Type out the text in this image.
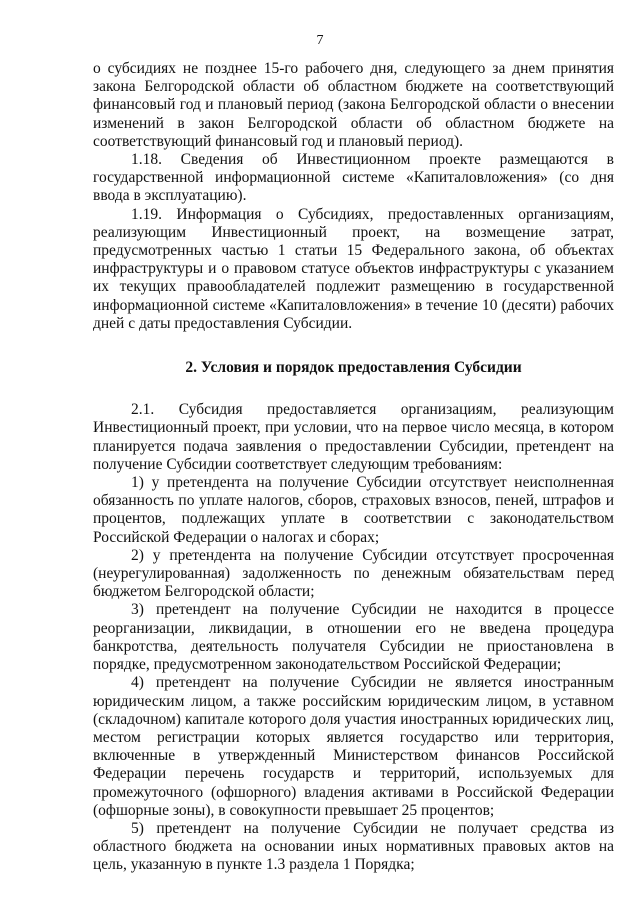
7

о субсидиях не позднее 15-го рабочего дня, следующего за днем принятия закона Белгородской области об областном бюджете на соответствующий финансовый год и плановый период (закона Белгородской области о внесении изменений в закон Белгородской области об областном бюджете на соответствующий финансовый год и плановый период).

1.18. Сведения об Инвестиционном проекте размещаются в государственной информационной системе «Капиталовложения» (со дня ввода в эксплуатацию).

1.19. Информация о Субсидиях, предоставленных организациям, реализующим Инвестиционный проект, на возмещение затрат, предусмотренных частью 1 статьи 15 Федерального закона, об объектах инфраструктуры и о правовом статусе объектов инфраструктуры с указанием их текущих правообладателей подлежит размещению в государственной информационной системе «Капиталовложения» в течение 10 (десяти) рабочих дней с даты предоставления Субсидии.

2. Условия и порядок предоставления Субсидии

2.1. Субсидия предоставляется организациям, реализующим Инвестиционный проект, при условии, что на первое число месяца, в котором планируется подача заявления о предоставлении Субсидии, претендент на получение Субсидии соответствует следующим требованиям:

1) у претендента на получение Субсидии отсутствует неисполненная обязанность по уплате налогов, сборов, страховых взносов, пеней, штрафов и процентов, подлежащих уплате в соответствии с законодательством Российской Федерации о налогах и сборах;

2) у претендента на получение Субсидии отсутствует просроченная (неурегулированная) задолженность по денежным обязательствам перед бюджетом Белгородской области;

3) претендент на получение Субсидии не находится в процессе реорганизации, ликвидации, в отношении его не введена процедура банкротства, деятельность получателя Субсидии не приостановлена в порядке, предусмотренном законодательством Российской Федерации;

4) претендент на получение Субсидии не является иностранным юридическим лицом, а также российским юридическим лицом, в уставном (складочном) капитале которого доля участия иностранных юридических лиц, местом регистрации которых является государство или территория, включенные в утвержденный Министерством финансов Российской Федерации перечень государств и территорий, используемых для промежуточного (офшорного) владения активами в Российской Федерации (офшорные зоны), в совокупности превышает 25 процентов;

5) претендент на получение Субсидии не получает средства из областного бюджета на основании иных нормативных правовых актов на цель, указанную в пункте 1.3 раздела 1 Порядка;
